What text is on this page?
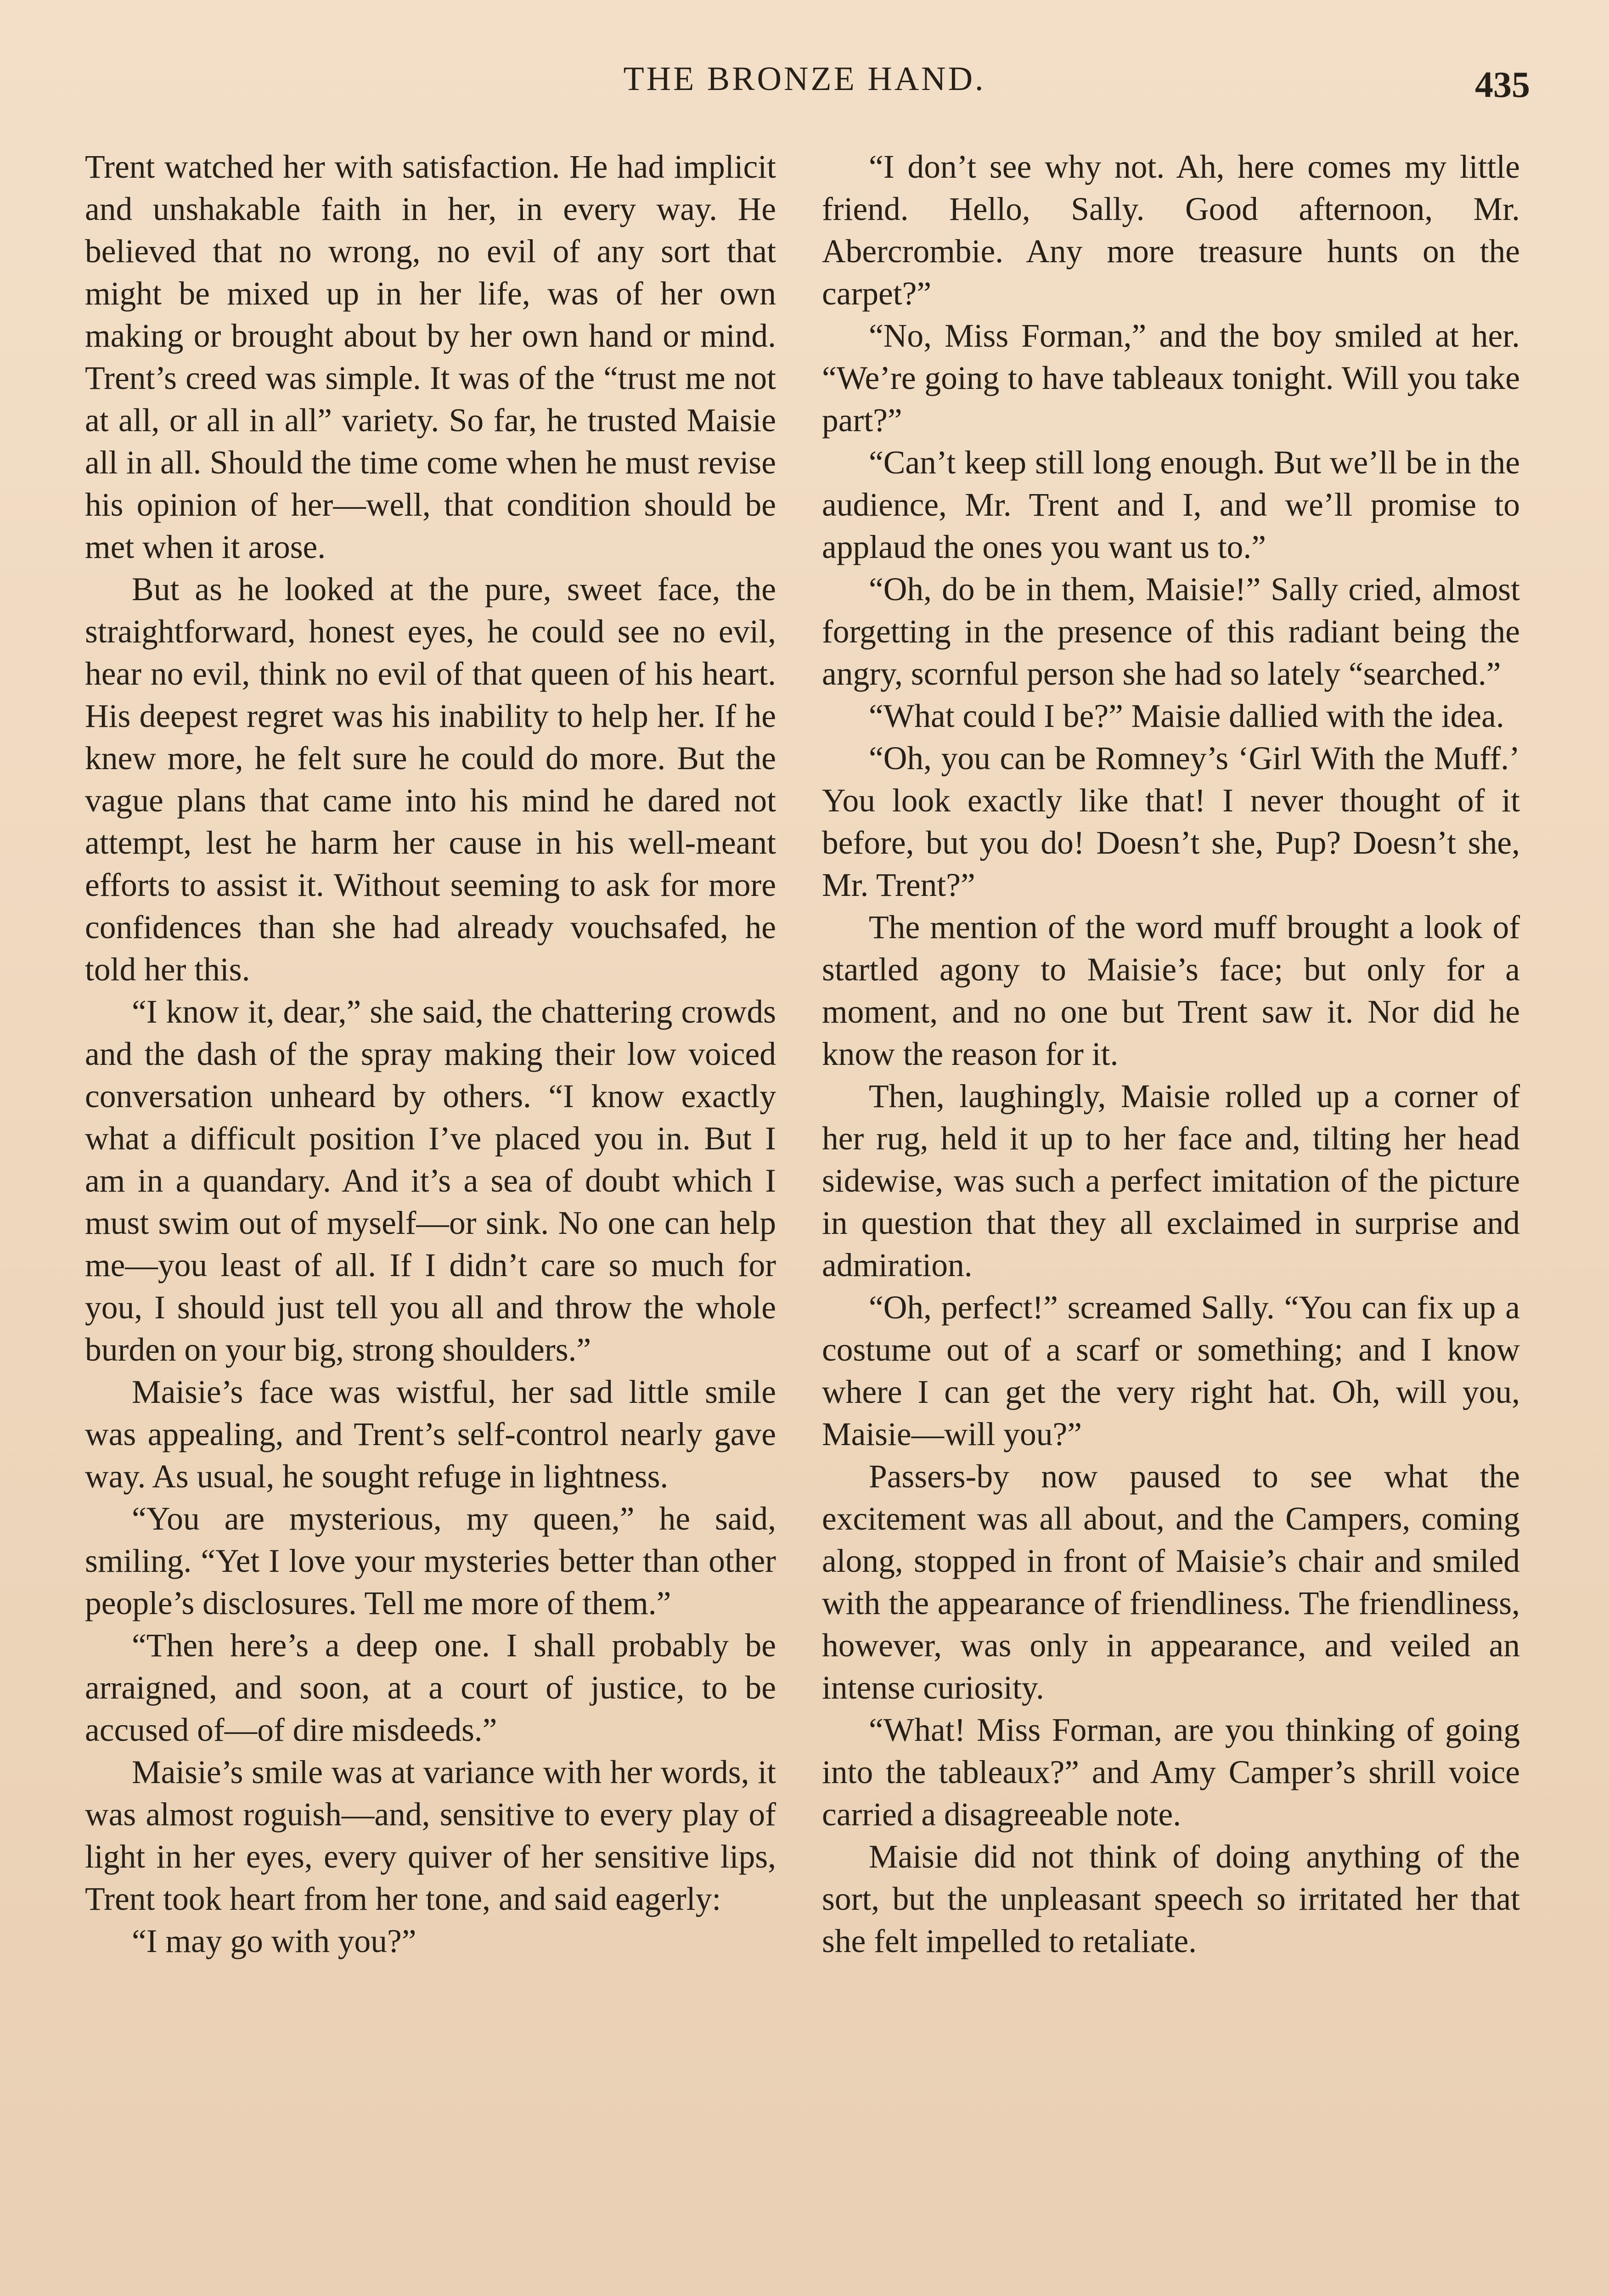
THE BRONZE HAND.	435

Trent watched her with satisfaction. He had implicit and unshakable faith in her, in every way. He believed that no wrong, no evil of any sort that might be mixed up in her life, was of her own making or brought about by her own hand or mind. Trent’s creed was simple. It was of the “trust me not at all, or all in all” variety. So far, he trusted Maisie all in all. Should the time come when he must revise his opinion of her—well, that condition should be met when it arose.

But as he looked at the pure, sweet face, the straightforward, honest eyes, he could see no evil, hear no evil, think no evil of that queen of his heart. His deepest regret was his inability to help her. If he knew more, he felt sure he could do more. But the vague plans that came into his mind he dared not attempt, lest he harm her cause in his well-meant efforts to assist it. Without seeming to ask for more confidences than she had already vouchsafed, he told her this.

“I know it, dear,” she said, the chattering crowds and the dash of the spray making their low voiced conversation unheard by others. “I know exactly what a difficult position I’ve placed you in. But I am in a quandary. And it’s a sea of doubt which I must swim out of myself—or sink. No one can help me—you least of all. If I didn’t care so much for you, I should just tell you all and throw the whole burden on your big, strong shoulders.”

Maisie’s face was wistful, her sad little smile was appealing, and Trent’s self-control nearly gave way. As usual, he sought refuge in lightness.

“You are mysterious, my queen,” he said, smiling. “Yet I love your mysteries better than other people’s disclosures. Tell me more of them.”

“Then here’s a deep one. I shall probably be arraigned, and soon, at a court of justice, to be accused of—of dire misdeeds.”

Maisie’s smile was at variance with her words, it was almost roguish—and, sensitive to every play of light in her eyes, every quiver of her sensitive lips, Trent took heart from her tone, and said eagerly:

“I may go with you?”

“I don’t see why not. Ah, here comes my little friend. Hello, Sally. Good afternoon, Mr. Abercrombie. Any more treasure hunts on the carpet?”

“No, Miss Forman,” and the boy smiled at her. “We’re going to have tableaux tonight. Will you take part?”

“Can’t keep still long enough. But we’ll be in the audience, Mr. Trent and I, and we’ll promise to applaud the ones you want us to.”

“Oh, do be in them, Maisie!” Sally cried, almost forgetting in the presence of this radiant being the angry, scornful person she had so lately “searched.”

“What could I be?” Maisie dallied with the idea.

“Oh, you can be Romney’s ‘Girl With the Muff.’ You look exactly like that! I never thought of it before, but you do! Doesn’t she, Pup? Doesn’t she, Mr. Trent?”

The mention of the word muff brought a look of startled agony to Maisie’s face; but only for a moment, and no one but Trent saw it. Nor did he know the reason for it.

Then, laughingly, Maisie rolled up a corner of her rug, held it up to her face and, tilting her head sidewise, was such a perfect imitation of the picture in question that they all exclaimed in surprise and admiration.

“Oh, perfect!” screamed Sally. “You can fix up a costume out of a scarf or something; and I know where I can get the very right hat. Oh, will you, Maisie—will you?”

Passers-by now paused to see what the excitement was all about, and the Campers, coming along, stopped in front of Maisie’s chair and smiled with the appearance of friendliness. The friendliness, however, was only in appearance, and veiled an intense curiosity.

“What! Miss Forman, are you thinking of going into the tableaux?” and Amy Camper’s shrill voice carried a disagreeable note.

Maisie did not think of doing anything of the sort, but the unpleasant speech so irritated her that she felt impelled to retaliate.
